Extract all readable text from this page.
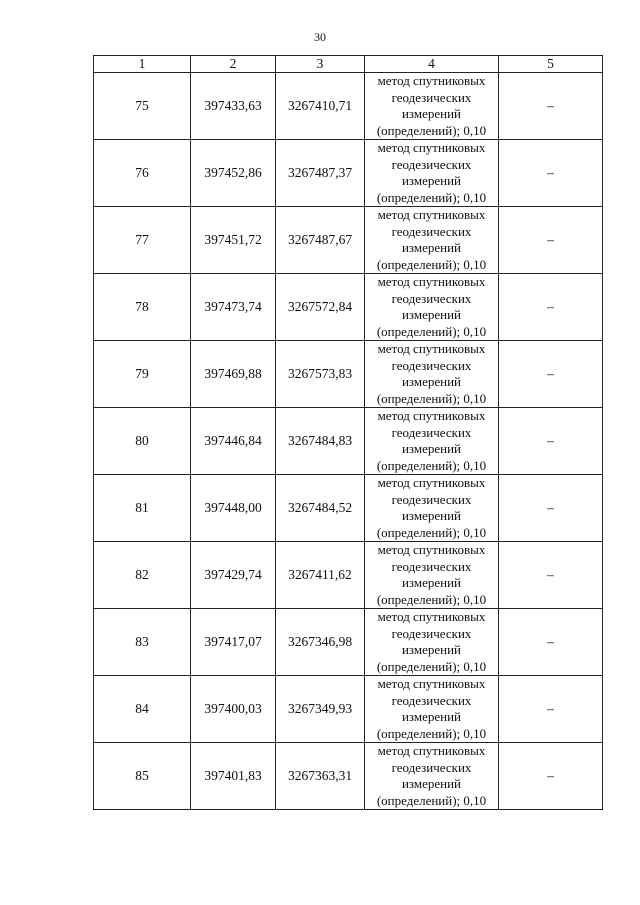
30
1	2	3	4	5
75	397433,63	3267410,71	метод спутниковых
геодезических
измерений
(определений); 0,10	–
76	397452,86	3267487,37	метод спутниковых
геодезических
измерений
(определений); 0,10	–
77	397451,72	3267487,67	метод спутниковых
геодезических
измерений
(определений); 0,10	–
78	397473,74	3267572,84	метод спутниковых
геодезических
измерений
(определений); 0,10	–
79	397469,88	3267573,83	метод спутниковых
геодезических
измерений
(определений); 0,10	–
80	397446,84	3267484,83	метод спутниковых
геодезических
измерений
(определений); 0,10	–
81	397448,00	3267484,52	метод спутниковых
геодезических
измерений
(определений); 0,10	–
82	397429,74	3267411,62	метод спутниковых
геодезических
измерений
(определений); 0,10	–
83	397417,07	3267346,98	метод спутниковых
геодезических
измерений
(определений); 0,10	–
84	397400,03	3267349,93	метод спутниковых
геодезических
измерений
(определений); 0,10	–
85	397401,83	3267363,31	метод спутниковых
геодезических
измерений
(определений); 0,10	–
